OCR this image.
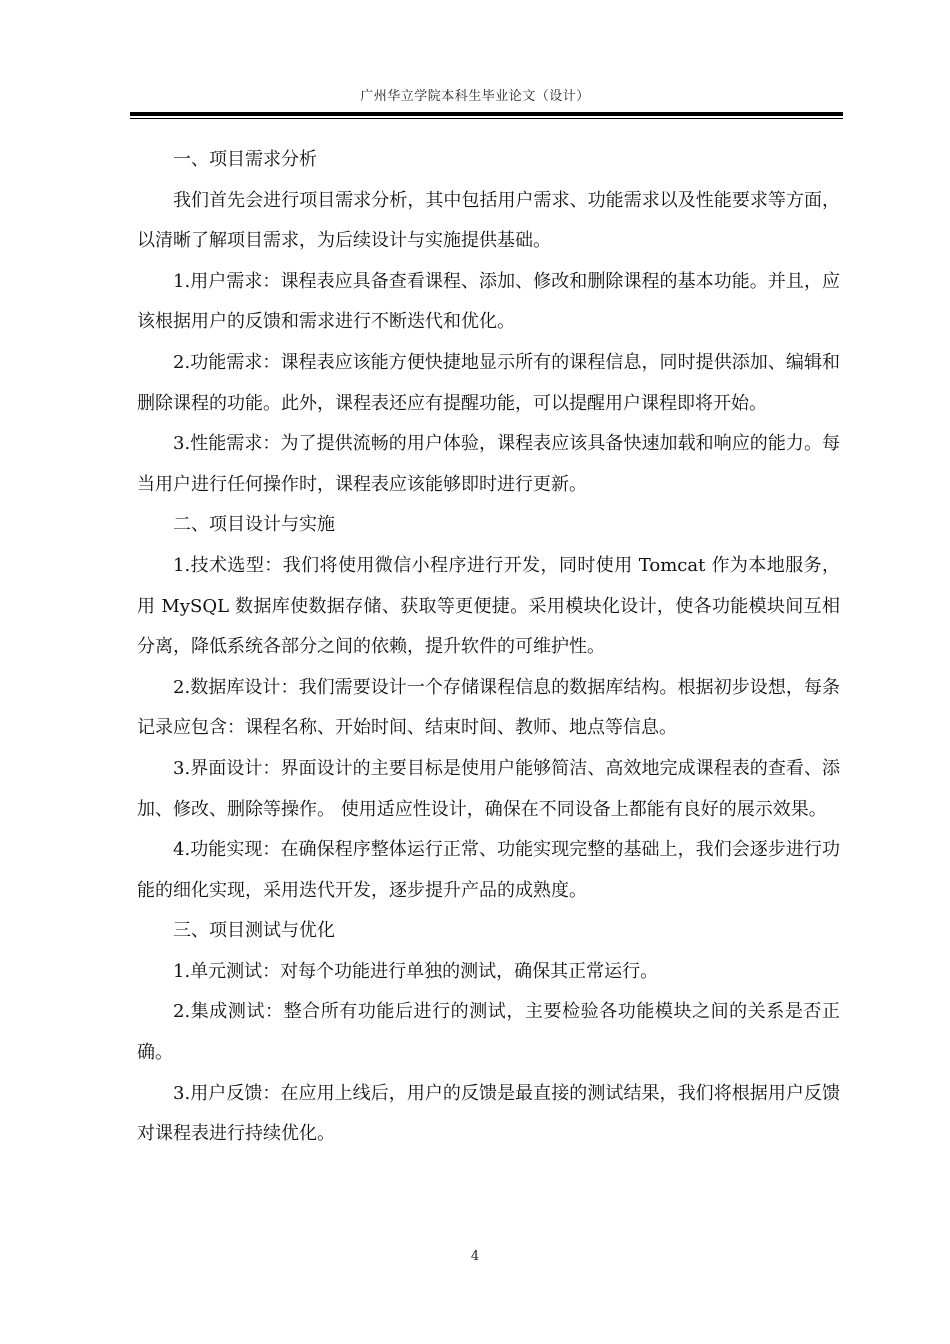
广州华立学院本科生毕业论文（设计）

一、项目需求分析

我们首先会进行项目需求分析，其中包括用户需求、功能需求以及性能要求等方面，以清晰了解项目需求，为后续设计与实施提供基础。

1.用户需求：课程表应具备查看课程、添加、修改和删除课程的基本功能。并且，应该根据用户的反馈和需求进行不断迭代和优化。

2.功能需求：课程表应该能方便快捷地显示所有的课程信息，同时提供添加、编辑和删除课程的功能。此外，课程表还应有提醒功能，可以提醒用户课程即将开始。

3.性能需求：为了提供流畅的用户体验，课程表应该具备快速加载和响应的能力。每当用户进行任何操作时，课程表应该能够即时进行更新。

二、项目设计与实施

1.技术选型：我们将使用微信小程序进行开发，同时使用 Tomcat 作为本地服务，用 MySQL 数据库使数据存储、获取等更便捷。采用模块化设计，使各功能模块间互相分离，降低系统各部分之间的依赖，提升软件的可维护性。

2.数据库设计：我们需要设计一个存储课程信息的数据库结构。根据初步设想，每条记录应包含：课程名称、开始时间、结束时间、教师、地点等信息。

3.界面设计：界面设计的主要目标是使用户能够简洁、高效地完成课程表的查看、添加、修改、删除等操作。 使用适应性设计，确保在不同设备上都能有良好的展示效果。

4.功能实现：在确保程序整体运行正常、功能实现完整的基础上，我们会逐步进行功能的细化实现，采用迭代开发，逐步提升产品的成熟度。

三、项目测试与优化

1.单元测试：对每个功能进行单独的测试，确保其正常运行。

2.集成测试：整合所有功能后进行的测试，主要检验各功能模块之间的关系是否正确。

3.用户反馈：在应用上线后，用户的反馈是最直接的测试结果，我们将根据用户反馈对课程表进行持续优化。

4
